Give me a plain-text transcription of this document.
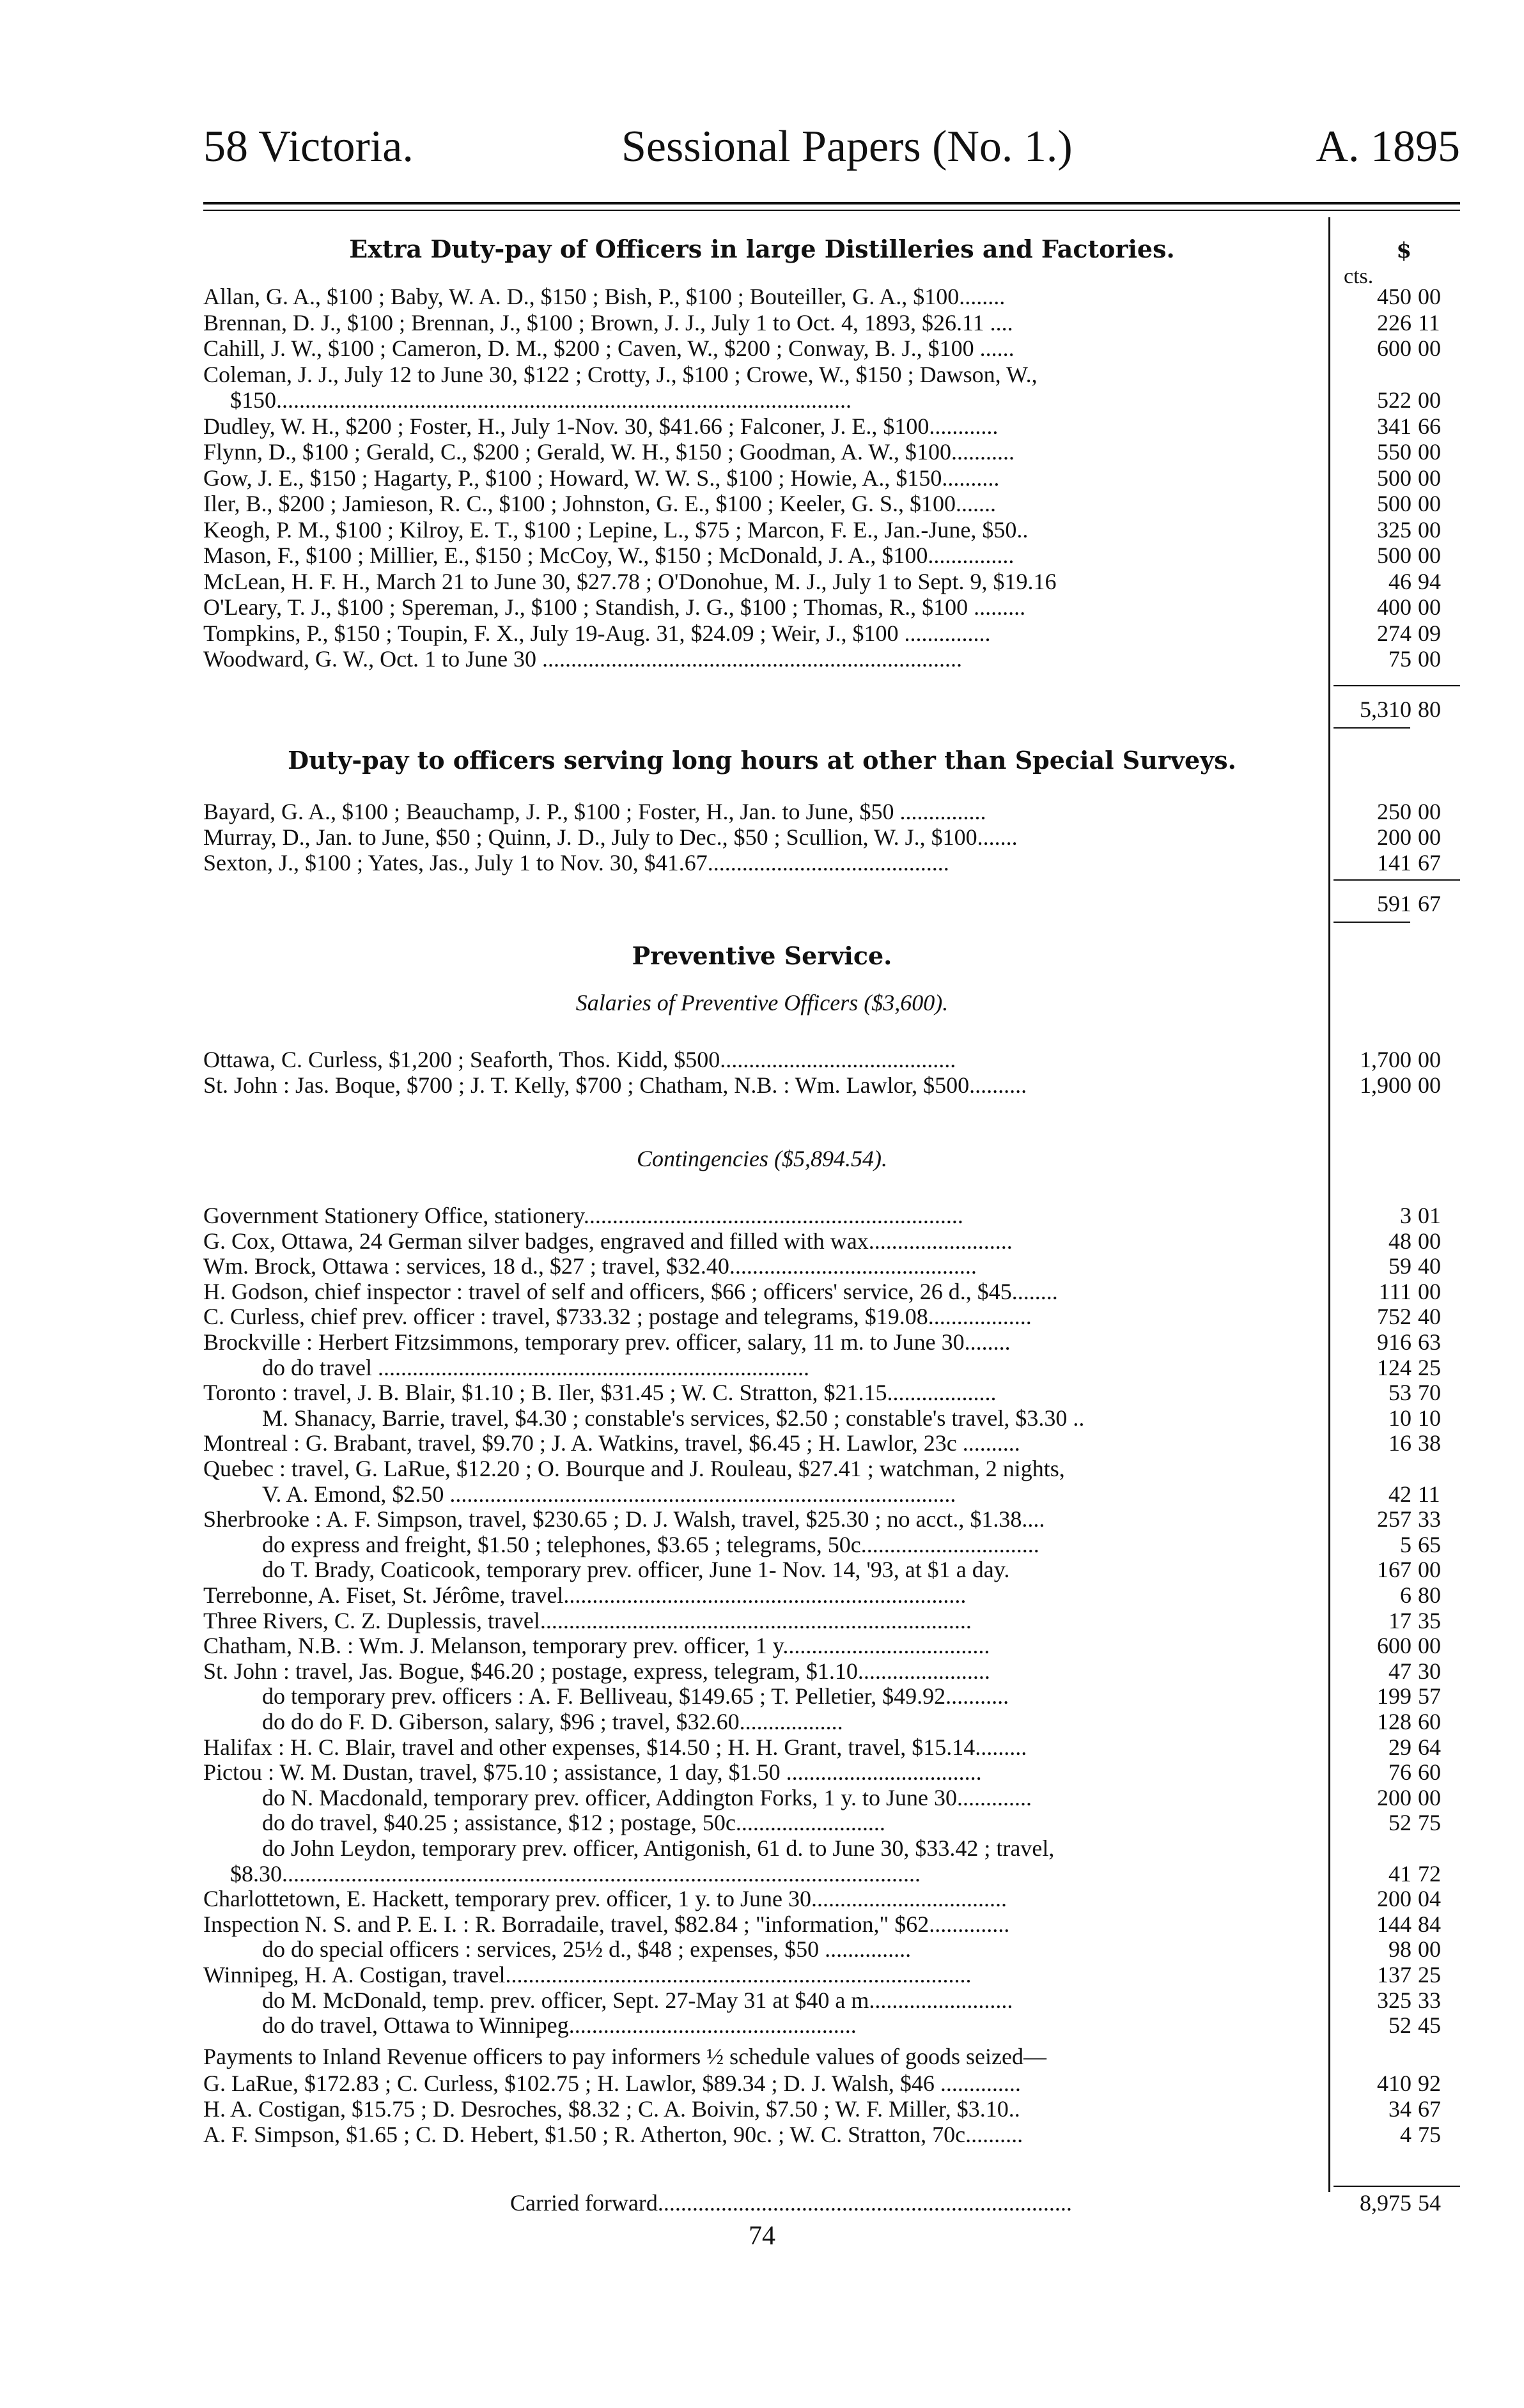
58 Victoria.	Sessional Papers (No. 1.)	A. 1895
Extra Duty-pay of Officers in large Distilleries and Factories.	$cts.
Allan, G. A., $100 ; Baby, W. A. D., $150 ; Bish, P., $100 ; Bouteiller, G. A., $100........	450 00
Brennan, D. J., $100 ; Brennan, J., $100 ; Brown, J. J., July 1 to Oct. 4, 1893, $26.11 ....	226 11
Cahill, J. W., $100 ; Cameron, D. M., $200 ; Caven, W., $200 ; Conway, B. J., $100 ......	600 00
Coleman, J. J., July 12 to June 30, $122 ; Crotty, J., $100 ; Crowe, W., $150 ; Dawson, W.,
$150....................................................................................................	522 00
Dudley, W. H., $200 ; Foster, H., July 1-Nov. 30, $41.66 ; Falconer, J. E., $100............	341 66
Flynn, D., $100 ; Gerald, C., $200 ; Gerald, W. H., $150 ; Goodman, A. W., $100...........	550 00
Gow, J. E., $150 ; Hagarty, P., $100 ; Howard, W. W. S., $100 ; Howie, A., $150..........	500 00
Iler, B., $200 ; Jamieson, R. C., $100 ; Johnston, G. E., $100 ; Keeler, G. S., $100.......	500 00
Keogh, P. M., $100 ; Kilroy, E. T., $100 ; Lepine, L., $75 ; Marcon, F. E., Jan.-June, $50..	325 00
Mason, F., $100 ; Millier, E., $150 ; McCoy, W., $150 ; McDonald, J. A., $100...............	500 00
McLean, H. F. H., March 21 to June 30, $27.78 ; O'Donohue, M. J., July 1 to Sept. 9, $19.16	46 94
O'Leary, T. J., $100 ; Spereman, J., $100 ; Standish, J. G., $100 ; Thomas, R., $100 .........	400 00
Tompkins, P., $150 ; Toupin, F. X., July 19-Aug. 31, $24.09 ; Weir, J., $100 ...............	274 09
Woodward, G. W., Oct. 1 to June 30 .........................................................................	75 00
5,310 80
Duty-pay to officers serving long hours at other than Special Surveys.
Bayard, G. A., $100 ; Beauchamp, J. P., $100 ; Foster, H., Jan. to June, $50 ...............	250 00
Murray, D., Jan. to June, $50 ; Quinn, J. D., July to Dec., $50 ; Scullion, W. J., $100.......	200 00
Sexton, J., $100 ; Yates, Jas., July 1 to Nov. 30, $41.67..........................................	141 67
591 67
Preventive Service.
Salaries of Preventive Officers ($3,600).
Ottawa, C. Curless, $1,200 ; Seaforth, Thos. Kidd, $500.........................................	1,700 00
St. John : Jas. Boque, $700 ; J. T. Kelly, $700 ; Chatham, N.B. : Wm. Lawlor, $500..........	1,900 00
Contingencies ($5,894.54).
Government Stationery Office, stationery..................................................................	3 01
G. Cox, Ottawa, 24 German silver badges, engraved and filled with wax.........................	48 00
Wm. Brock, Ottawa : services, 18 d., $27 ; travel, $32.40...........................................	59 40
H. Godson, chief inspector : travel of self and officers, $66 ; officers' service, 26 d., $45........	111 00
C. Curless, chief prev. officer : travel, $733.32 ; postage and telegrams, $19.08..................	752 40
Brockville : Herbert Fitzsimmons, temporary prev. officer, salary, 11 m. to June 30........	916 63
do do travel ...........................................................................	124 25
Toronto : travel, J. B. Blair, $1.10 ; B. Iler, $31.45 ; W. C. Stratton, $21.15...................	53 70
M. Shanacy, Barrie, travel, $4.30 ; constable's services, $2.50 ; constable's travel, $3.30 ..	10 10
Montreal : G. Brabant, travel, $9.70 ; J. A. Watkins, travel, $6.45 ; H. Lawlor, 23c ..........	16 38
Quebec : travel, G. LaRue, $12.20 ; O. Bourque and J. Rouleau, $27.41 ; watchman, 2 nights,
V. A. Emond, $2.50 ........................................................................................	42 11
Sherbrooke : A. F. Simpson, travel, $230.65 ; D. J. Walsh, travel, $25.30 ; no acct., $1.38....	257 33
do express and freight, $1.50 ; telephones, $3.65 ; telegrams, 50c...............................	5 65
do T. Brady, Coaticook, temporary prev. officer, June 1- Nov. 14, '93, at $1 a day.	167 00
Terrebonne, A. Fiset, St. Jérôme, travel......................................................................	6 80
Three Rivers, C. Z. Duplessis, travel...........................................................................	17 35
Chatham, N.B. : Wm. J. Melanson, temporary prev. officer, 1 y....................................	600 00
St. John : travel, Jas. Bogue, $46.20 ; postage, express, telegram, $1.10.......................	47 30
do temporary prev. officers : A. F. Belliveau, $149.65 ; T. Pelletier, $49.92...........	199 57
do do do F. D. Giberson, salary, $96 ; travel, $32.60..................	128 60
Halifax : H. C. Blair, travel and other expenses, $14.50 ; H. H. Grant, travel, $15.14.........	29 64
Pictou : W. M. Dustan, travel, $75.10 ; assistance, 1 day, $1.50 ..................................	76 60
do N. Macdonald, temporary prev. officer, Addington Forks, 1 y. to June 30.............	200 00
do do travel, $40.25 ; assistance, $12 ; postage, 50c..........................	52 75
do John Leydon, temporary prev. officer, Antigonish, 61 d. to June 30, $33.42 ; travel,
$8.30...............................................................................................................	41 72
Charlottetown, E. Hackett, temporary prev. officer, 1 y. to June 30..................................	200 04
Inspection N. S. and P. E. I. : R. Borradaile, travel, $82.84 ; "information," $62..............	144 84
do do special officers : services, 25½ d., $48 ; expenses, $50 ...............	98 00
Winnipeg, H. A. Costigan, travel.................................................................................	137 25
do M. McDonald, temp. prev. officer, Sept. 27-May 31 at $40 a m.........................	325 33
do do travel, Ottawa to Winnipeg..................................................	52 45
Payments to Inland Revenue officers to pay informers ½ schedule values of goods seized—
G. LaRue, $172.83 ; C. Curless, $102.75 ; H. Lawlor, $89.34 ; D. J. Walsh, $46 ..............	410 92
H. A. Costigan, $15.75 ; D. Desroches, $8.32 ; C. A. Boivin, $7.50 ; W. F. Miller, $3.10..	34 67
A. F. Simpson, $1.65 ; C. D. Hebert, $1.50 ; R. Atherton, 90c. ; W. C. Stratton, 70c..........	4 75
Carried forward........................................................................	8,975 54
74
